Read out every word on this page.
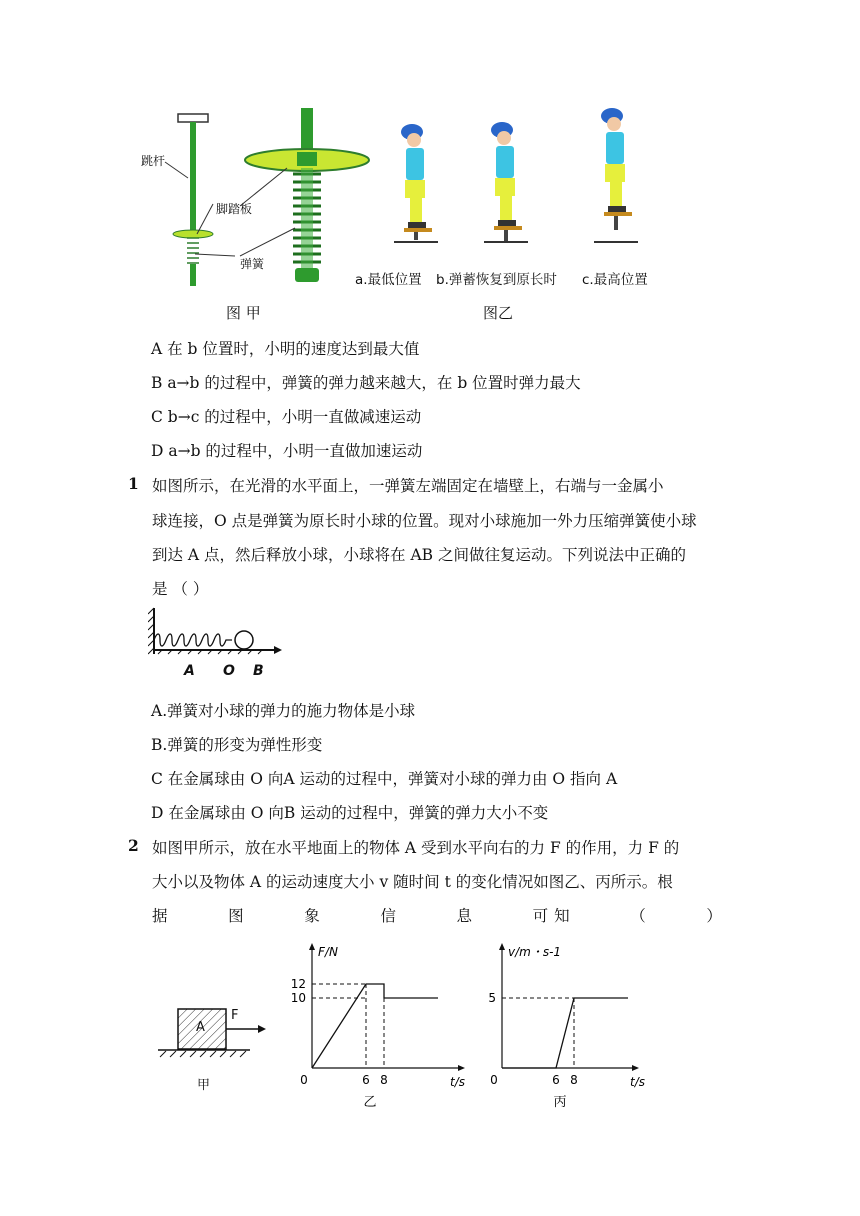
跳杆
脚踏板
弹簧
图 甲
a.最低位置 b.弹蓄恢复到原长时 c.最高位置
图乙
A 在 b 位置时，小明的速度达到最大值
B a→b 的过程中，弹簧的弹力越来越大，在 b 位置时弹力最大
C b→c 的过程中，小明一直做减速运动
D a→b 的过程中，小明一直做加速运动
1 如图所示，在光滑的水平面上，一弹簧左端固定在墙壁上，右端与一金属小
球连接，O 点是弹簧为原长时小球的位置。现对小球施加一外力压缩弹簧使小球
到达 A 点，然后释放小球，小球将在 AB 之间做往复运动。下列说法中正确的
是 （ ）
A O B
A.弹簧对小球的弹力的施力物体是小球
B.弹簧的形变为弹性形变
C 在金属球由 O 向A 运动的过程中，弹簧对小球的弹力由 O 指向 A
D 在金属球由 O 向B 运动的过程中，弹簧的弹力大小不变
2 如图甲所示，放在水平地面上的物体 A 受到水平向右的力 F 的作用，力 F 的
大小以及物体 A 的运动速度大小 v 随时间 t 的变化情况如图乙、丙所示。根
据	图	象	信	息	可 知	（	）
A
F
甲
12
10
0	6 8	t/s
F/N
乙
5
0	6 8	t/s
v/m・s-1
丙
